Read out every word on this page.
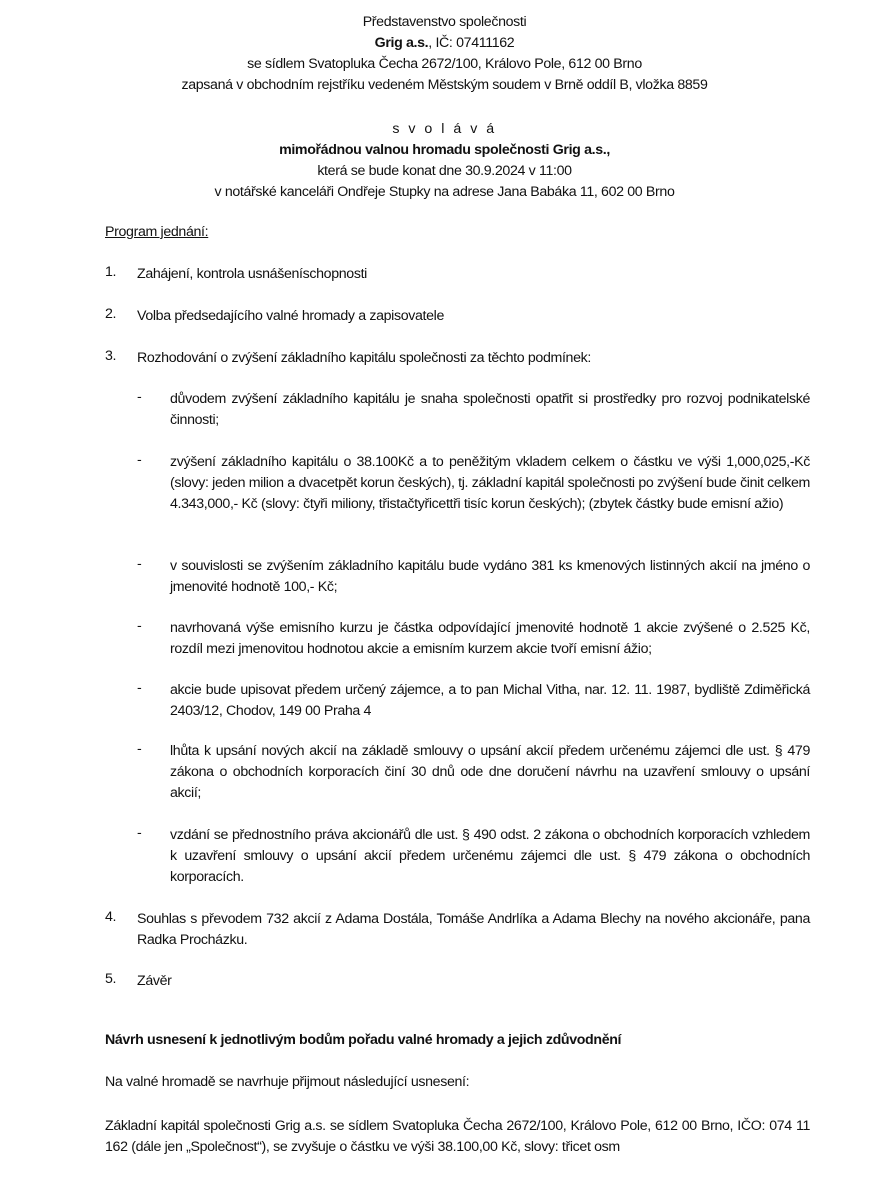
Představenstvo společnosti
Grig a.s., IČ: 07411162
se sídlem Svatopluka Čecha 2672/100, Královo Pole, 612 00 Brno
zapsaná v obchodním rejstříku vedeném Městským soudem v Brně oddíl B, vložka 8859
s v o l á v á
mimořádnou valnou hromadu společnosti Grig a.s.,
která se bude konat dne 30.9.2024 v 11:00
v notářské kanceláři Ondřeje Stupky na adrese Jana Babáka 11, 602 00 Brno
Program jednání:
1. Zahájení, kontrola usnášeníschopnosti
2. Volba předsedajícího valné hromady a zapisovatele
3. Rozhodování o zvýšení základního kapitálu společnosti za těchto podmínek:
- důvodem zvýšení základního kapitálu je snaha společnosti opatřit si prostředky pro rozvoj podnikatelské činnosti;
- zvýšení základního kapitálu o 38.100Kč a to peněžitým vkladem celkem o částku ve výši 1,000,025,-Kč (slovy: jeden milion a dvacetpět korun českých), tj. základní kapitál společnosti po zvýšení bude činit celkem 4.343,000,- Kč (slovy: čtyři miliony, třistačtyřicettři tisíc korun českých); (zbytek částky bude emisní ažio)
- v souvislosti se zvýšením základního kapitálu bude vydáno 381 ks kmenových listinných akcií na jméno o jmenovité hodnotě 100,- Kč;
- navrhovaná výše emisního kurzu je částka odpovídající jmenovité hodnotě 1 akcie zvýšené o 2.525 Kč, rozdíl mezi jmenovitou hodnotou akcie a emisním kurzem akcie tvoří emisní ážio;
- akcie bude upisovat předem určený zájemce, a to pan Michal Vitha, nar. 12. 11. 1987, bydliště Zdiměřická 2403/12, Chodov, 149 00 Praha 4
- lhůta k upsání nových akcií na základě smlouvy o upsání akcií předem určenému zájemci dle ust. § 479 zákona o obchodních korporacích činí 30 dnů ode dne doručení návrhu na uzavření smlouvy o upsání akcií;
- vzdání se přednostního práva akcionářů dle ust. § 490 odst. 2 zákona o obchodních korporacích vzhledem k uzavření smlouvy o upsání akcií předem určenému zájemci dle ust. § 479 zákona o obchodních korporacích.
4. Souhlas s převodem 732 akcií z Adama Dostála, Tomáše Andrlíka a Adama Blechy na nového akcionáře, pana Radka Procházku.
5. Závěr
Návrh usnesení k jednotlivým bodům pořadu valné hromady a jejich zdůvodnění
Na valné hromadě se navrhuje přijmout následující usnesení:
Základní kapitál společnosti Grig a.s. se sídlem Svatopluka Čecha 2672/100, Královo Pole, 612 00 Brno, IČO: 074 11 162 (dále jen „Společnost“), se zvyšuje o částku ve výši 38.100,00 Kč, slovy: třicet osm
